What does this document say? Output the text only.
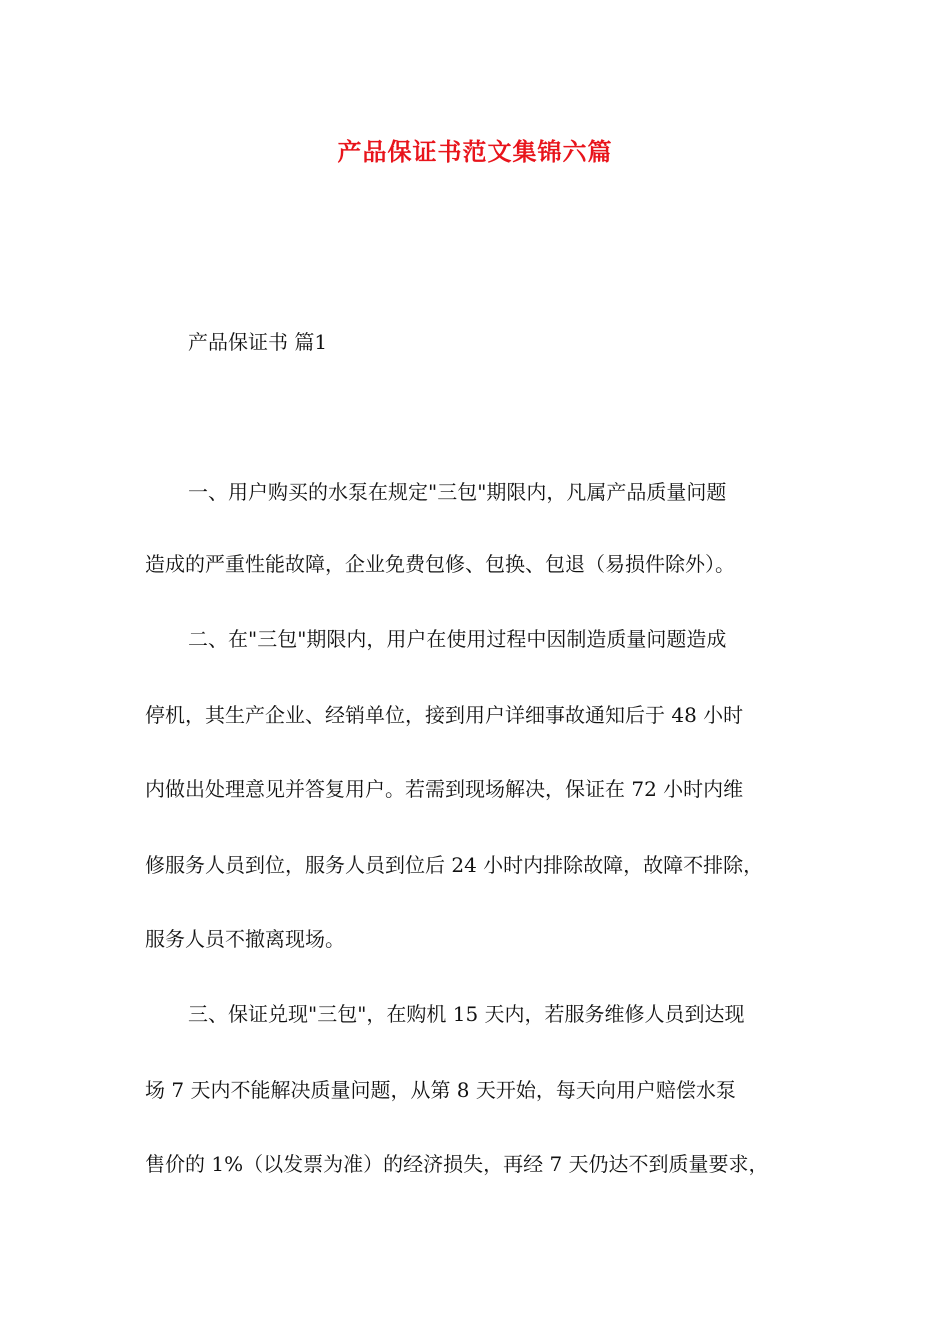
产品保证书范文集锦六篇
产品保证书 篇1
一、用户购买的水泵在规定"三包"期限内，凡属产品质量问题
造成的严重性能故障，企业免费包修、包换、包退（易损件除外）。
二、在"三包"期限内，用户在使用过程中因制造质量问题造成
停机，其生产企业、经销单位，接到用户详细事故通知后于 48 小时
内做出处理意见并答复用户。若需到现场解决，保证在 72 小时内维
修服务人员到位，服务人员到位后 24 小时内排除故障，故障不排除，
服务人员不撤离现场。
三、保证兑现"三包"，在购机 15 天内，若服务维修人员到达现
场 7 天内不能解决质量问题，从第 8 天开始，每天向用户赔偿水泵
售价的 1%（以发票为准）的经济损失，再经 7 天仍达不到质量要求，
